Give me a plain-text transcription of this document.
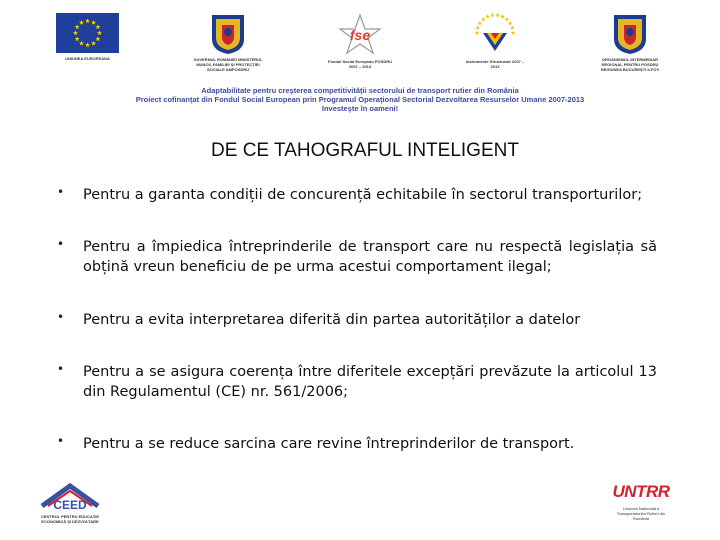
UNIUNEA EUROPEANA	GUVERNUL ROMÂNIEI MINISTERUL MUNCII, FAMILIEI ȘI PROTECȚIEI SOCIALE AMPOSDRU
fse
Fondul Social European POSDRU 2007 – 2013
Instrumente Structurale 2007 – 2013
ORGANISMUL INTERMEDIAR REGIONAL PENTRU POSDRU REGIUNEA BUCUREȘTI ILFOV
Adaptabilitate pentru creşterea competitivităţii sectorului de transport rutier din România
Proiect cofinanţat din Fondul Social European prin Programul Operaţional Sectorial Dezvoltarea Resurselor Umane 2007-2013
Investeşte în oameni!
DE CE TAHOGRAFUL INTELIGENT
• Pentru a garanta condiții de concurență echitabile în sectorul transporturilor;
• Pentru a împiedica întreprinderile de transport care nu respectă legislația să obțină vreun beneficiu de pe urma acestui comportament ilegal;
• Pentru a evita interpretarea diferită din partea autorităților a datelor
• Pentru a se asigura coerența între diferitele excepțări prevăzute la articolul 13 din Regulamentul (CE) nr. 561/2006;
• Pentru a se reduce sarcina care revine întreprinderilor de transport.
CEED
CENTRUL PENTRU EDUCAȚIE ECONOMICĂ ȘI DEZVOLTARE
UNTRR
Uniunea Națională a Transportatorilor Rutieri din România
